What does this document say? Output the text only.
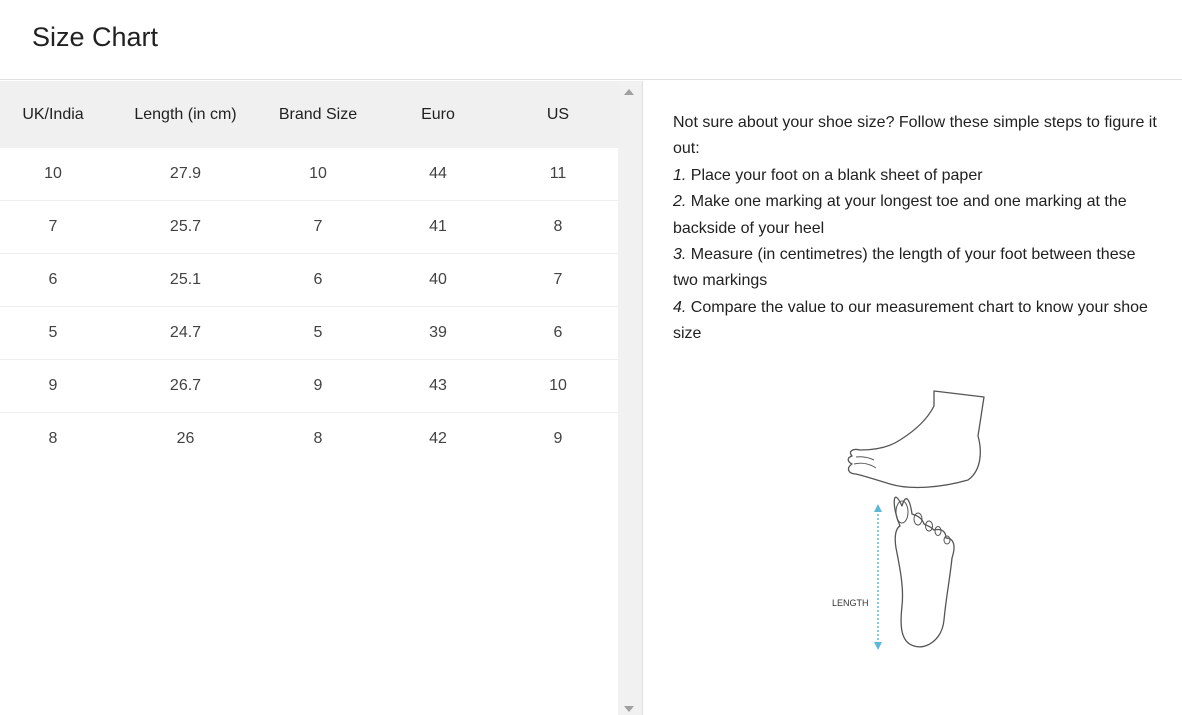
Size Chart
UK/India	Length (in cm)	Brand Size	Euro	US
10	27.9	10	44	11
7	25.7	7	41	8
6	25.1	6	40	7
5	24.7	5	39	6
9	26.7	9	43	10
8	26	8	42	9

Not sure about your shoe size? Follow these simple steps to figure it out:

1. Place your foot on a blank sheet of paper

2. Make one marking at your longest toe and one marking at the backside of your heel

3. Measure (in centimetres) the length of your foot between these two markings

4. Compare the value to our measurement chart to know your shoe size

LENGTH
